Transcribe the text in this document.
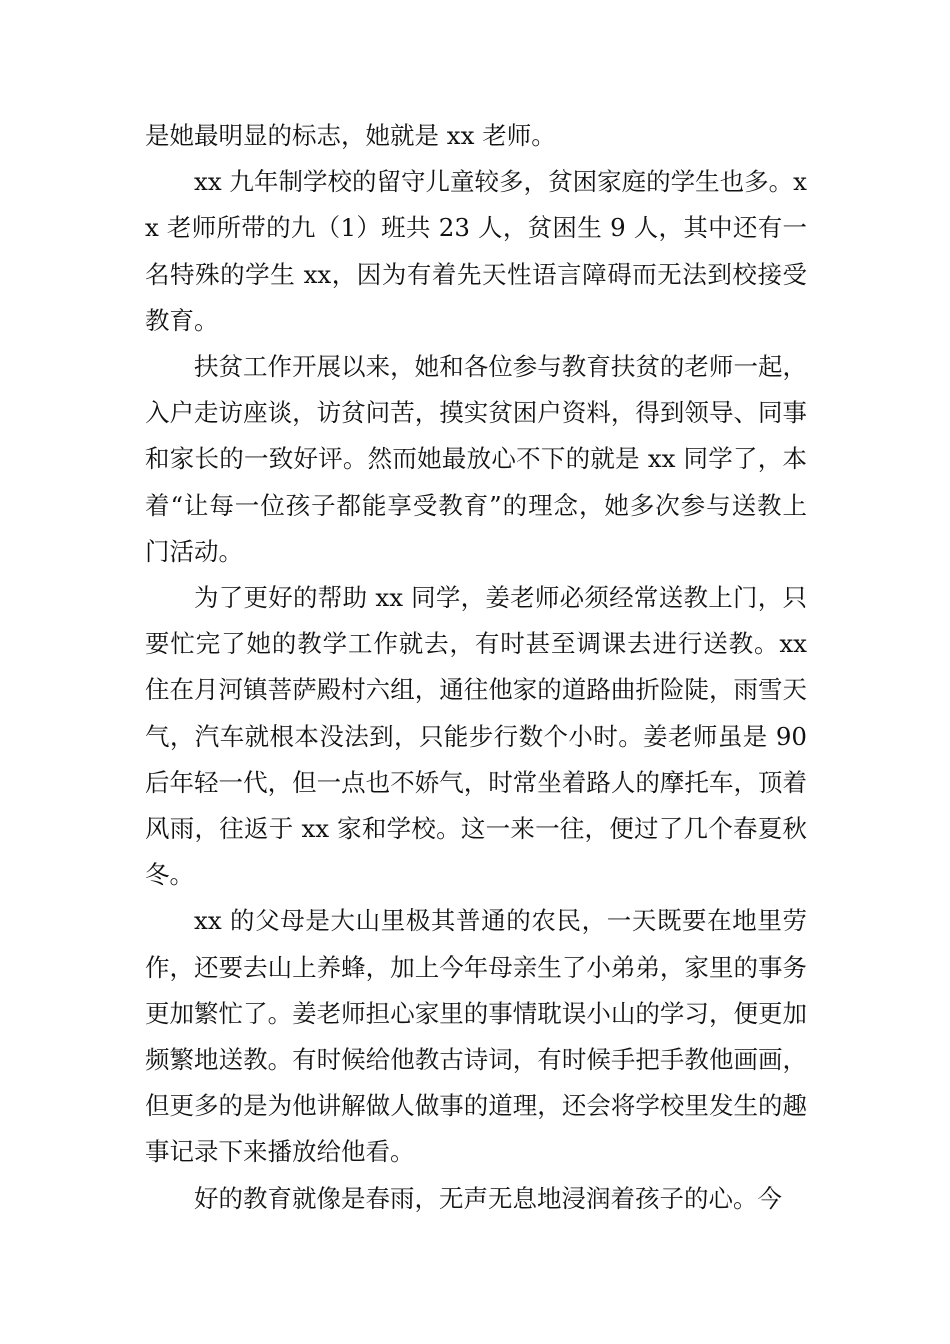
是她最明显的标志，她就是 xx 老师。

xx 九年制学校的留守儿童较多，贫困家庭的学生也多。xx 老师所带的九（1）班共 23 人，贫困生 9 人，其中还有一名特殊的学生 xx，因为有着先天性语言障碍而无法到校接受教育。

扶贫工作开展以来，她和各位参与教育扶贫的老师一起，入户走访座谈，访贫问苦，摸实贫困户资料，得到领导、同事和家长的一致好评。然而她最放心不下的就是 xx 同学了，本着“让每一位孩子都能享受教育”的理念，她多次参与送教上门活动。

为了更好的帮助 xx 同学，姜老师必须经常送教上门，只要忙完了她的教学工作就去，有时甚至调课去进行送教。xx 住在月河镇菩萨殿村六组，通往他家的道路曲折险陡，雨雪天气，汽车就根本没法到，只能步行数个小时。姜老师虽是 90 后年轻一代，但一点也不娇气，时常坐着路人的摩托车，顶着风雨，往返于 xx 家和学校。这一来一往，便过了几个春夏秋冬。

xx 的父母是大山里极其普通的农民，一天既要在地里劳作，还要去山上养蜂，加上今年母亲生了小弟弟，家里的事务更加繁忙了。姜老师担心家里的事情耽误小山的学习，便更加频繁地送教。有时候给他教古诗词，有时候手把手教他画画，但更多的是为他讲解做人做事的道理，还会将学校里发生的趣事记录下来播放给他看。

好的教育就像是春雨，无声无息地浸润着孩子的心。今
